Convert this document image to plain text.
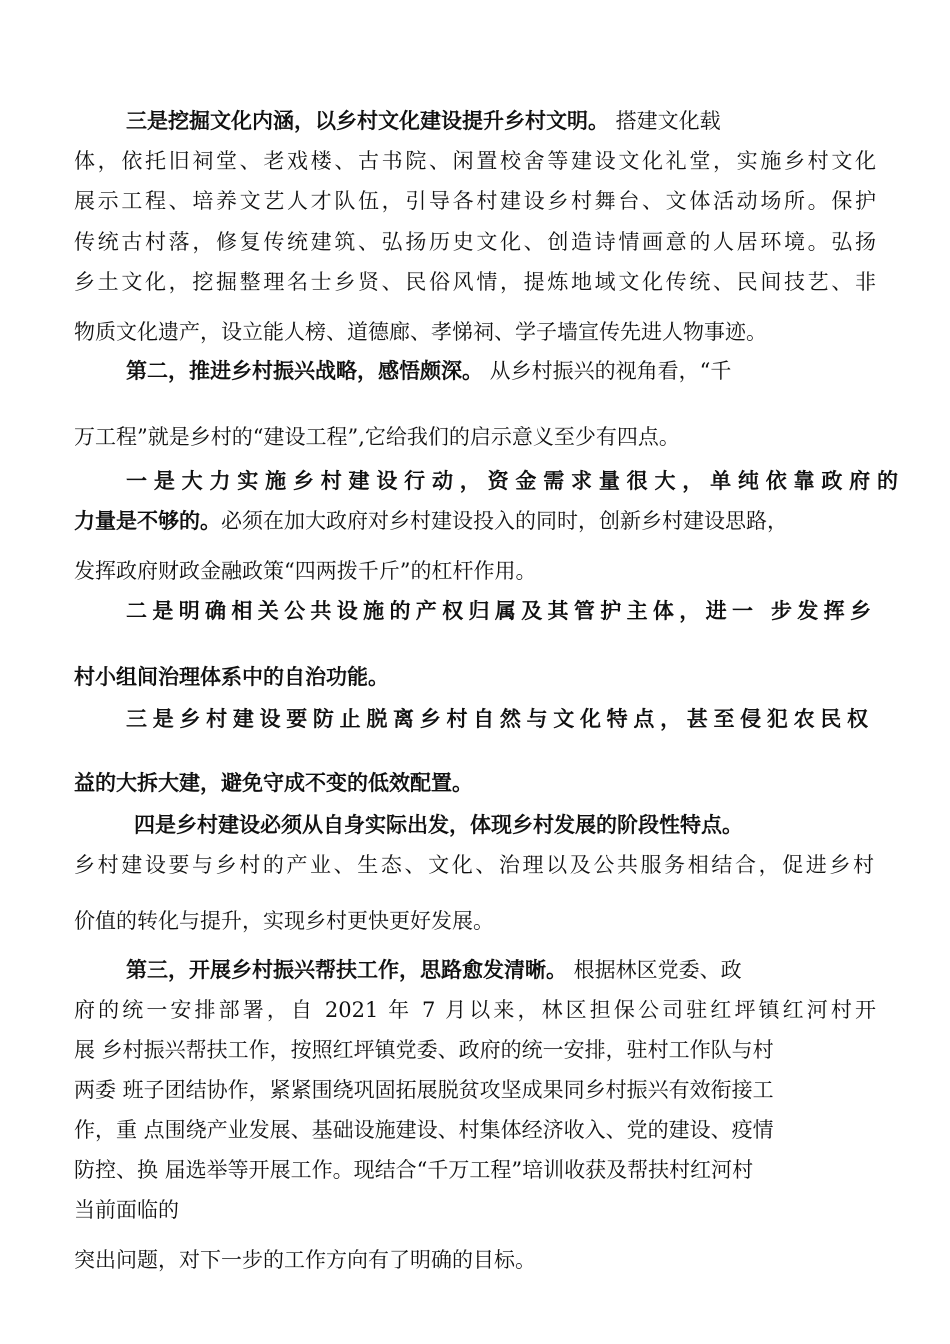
三是挖掘文化内涵，以乡村文化建设提升乡村文明。 搭建文化载

体，依托旧祠堂、老戏楼、古书院、闲置校舍等建设文化礼堂，实施乡村文化

展示工程、培养文艺人才队伍，引导各村建设乡村舞台、文体活动场所。保护

传统古村落，修复传统建筑、弘扬历史文化、创造诗情画意的人居环境。弘扬

乡土文化，挖掘整理名士乡贤、民俗风情，提炼地域文化传统、民间技艺、非

物质文化遗产，设立能人榜、道德廊、孝悌祠、学子墙宣传先进人物事迹。

第二，推进乡村振兴战略，感悟颇深。 从乡村振兴的视角看，“千

万工程”就是乡村的“建设工程”,它给我们的启示意义至少有四点。

一是大力实施乡村建设行动，资金需求量很大，单纯依靠政府的

力量是不够的。必须在加大政府对乡村建设投入的同时，创新乡村建设思路，

发挥政府财政金融政策“四两拨千斤”的杠杆作用。

二是明确相关公共设施的产权归属及其管护主体，进一 步发挥乡

村小组间治理体系中的自治功能。

三是乡村建设要防止脱离乡村自然与文化特点，甚至侵犯农民权

益的大拆大建，避免守成不变的低效配置。

四是乡村建设必须从自身实际出发，体现乡村发展的阶段性特点。

乡村建设要与乡村的产业、生态、文化、治理以及公共服务相结合，促进乡村

价值的转化与提升，实现乡村更快更好发展。

第三，开展乡村振兴帮扶工作，思路愈发清晰。 根据林区党委、政

府的统一安排部署，自 2021 年 7 月以来，林区担保公司驻红坪镇红河村开

展 乡村振兴帮扶工作，按照红坪镇党委、政府的统一安排，驻村工作队与村

两委 班子团结协作，紧紧围绕巩固拓展脱贫攻坚成果同乡村振兴有效衔接工

作，重 点围绕产业发展、基础设施建设、村集体经济收入、党的建设、疫情

防控、换 届选举等开展工作。现结合“千万工程”培训收获及帮扶村红河村

当前面临的

突出问题，对下一步的工作方向有了明确的目标。
